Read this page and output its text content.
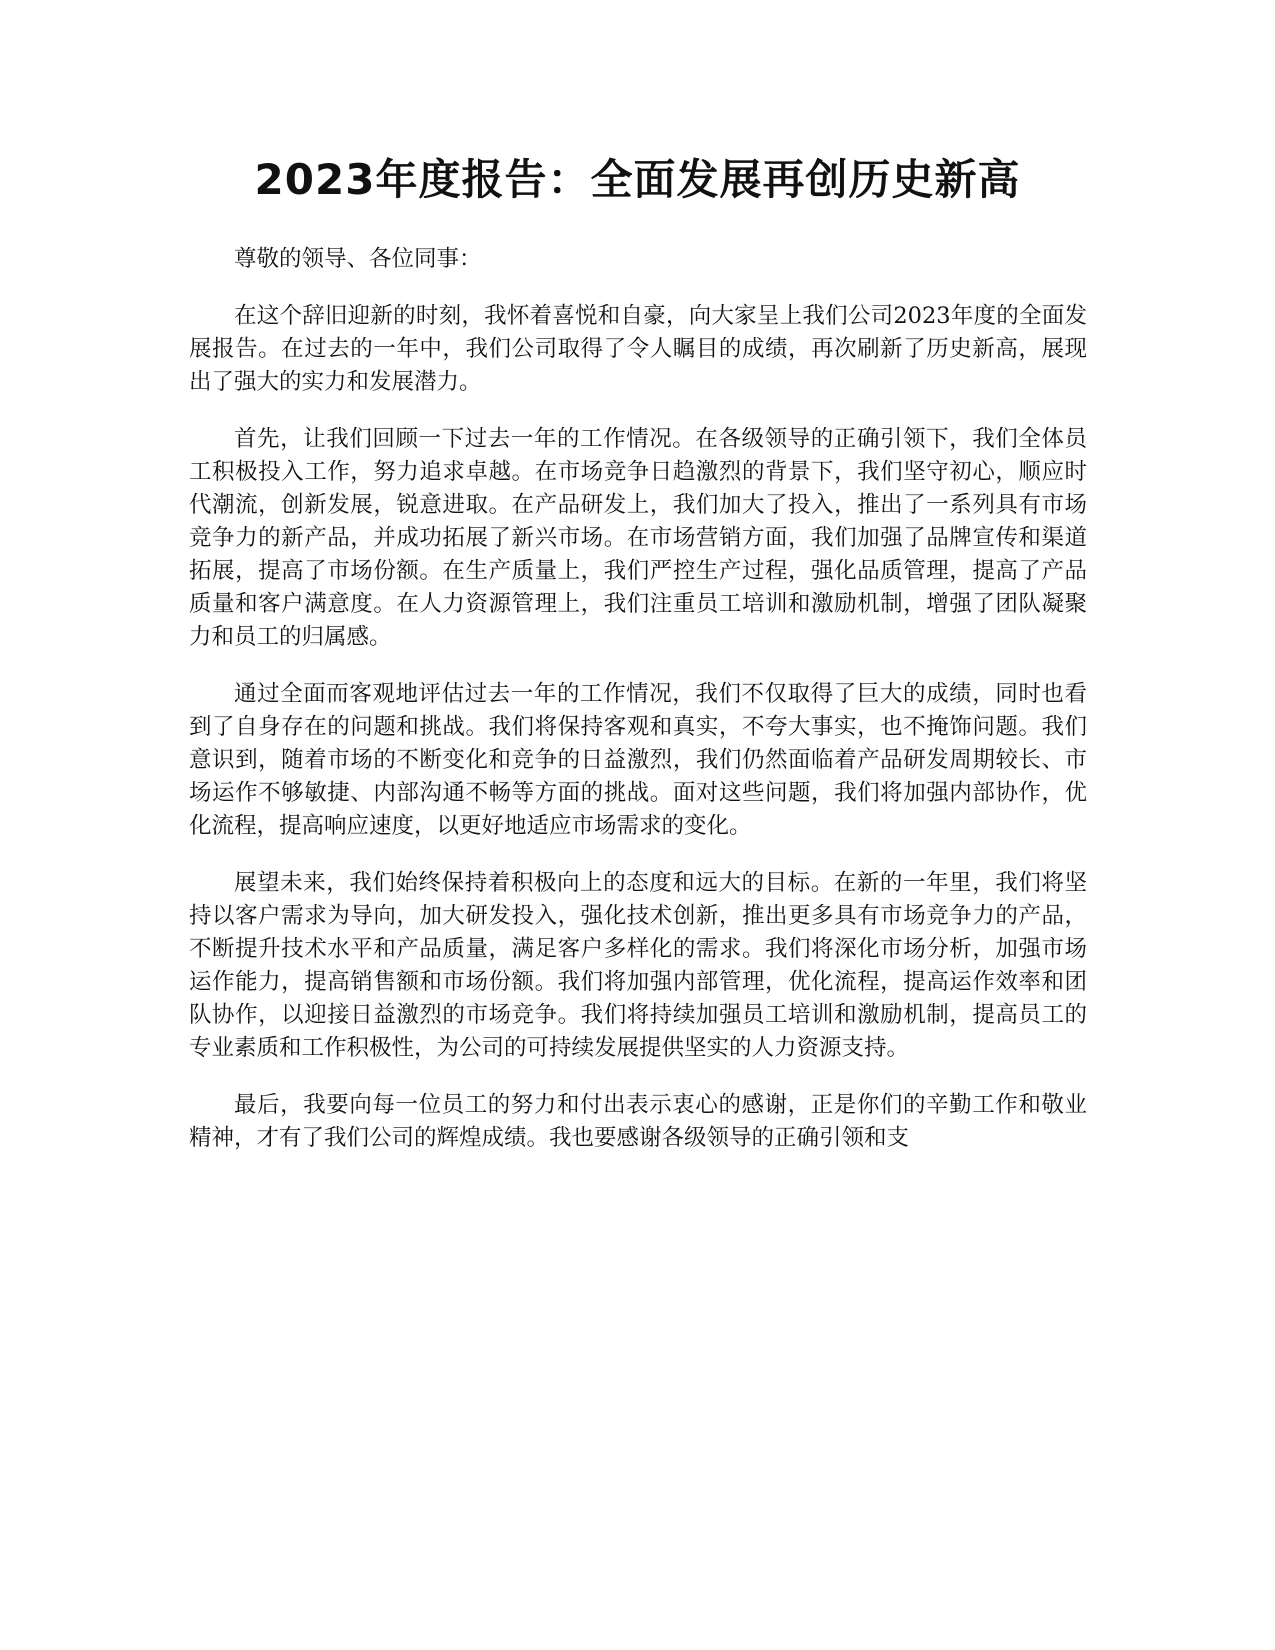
2023年度报告：全面发展再创历史新高

尊敬的领导、各位同事：

在这个辞旧迎新的时刻，我怀着喜悦和自豪，向大家呈上我们公司2023年度的全面发展报告。在过去的一年中，我们公司取得了令人瞩目的成绩，再次刷新了历史新高，展现出了强大的实力和发展潜力。

首先，让我们回顾一下过去一年的工作情况。在各级领导的正确引领下，我们全体员工积极投入工作，努力追求卓越。在市场竞争日趋激烈的背景下，我们坚守初心，顺应时代潮流，创新发展，锐意进取。在产品研发上，我们加大了投入，推出了一系列具有市场竞争力的新产品，并成功拓展了新兴市场。在市场营销方面，我们加强了品牌宣传和渠道拓展，提高了市场份额。在生产质量上，我们严控生产过程，强化品质管理，提高了产品质量和客户满意度。在人力资源管理上，我们注重员工培训和激励机制，增强了团队凝聚力和员工的归属感。

通过全面而客观地评估过去一年的工作情况，我们不仅取得了巨大的成绩，同时也看到了自身存在的问题和挑战。我们将保持客观和真实，不夸大事实，也不掩饰问题。我们意识到，随着市场的不断变化和竞争的日益激烈，我们仍然面临着产品研发周期较长、市场运作不够敏捷、内部沟通不畅等方面的挑战。面对这些问题，我们将加强内部协作，优化流程，提高响应速度，以更好地适应市场需求的变化。

展望未来，我们始终保持着积极向上的态度和远大的目标。在新的一年里，我们将坚持以客户需求为导向，加大研发投入，强化技术创新，推出更多具有市场竞争力的产品，不断提升技术水平和产品质量，满足客户多样化的需求。我们将深化市场分析，加强市场运作能力，提高销售额和市场份额。我们将加强内部管理，优化流程，提高运作效率和团队协作，以迎接日益激烈的市场竞争。我们将持续加强员工培训和激励机制，提高员工的专业素质和工作积极性，为公司的可持续发展提供坚实的人力资源支持。

最后，我要向每一位员工的努力和付出表示衷心的感谢，正是你们的辛勤工作和敬业精神，才有了我们公司的辉煌成绩。我也要感谢各级领导的正确引领和支
